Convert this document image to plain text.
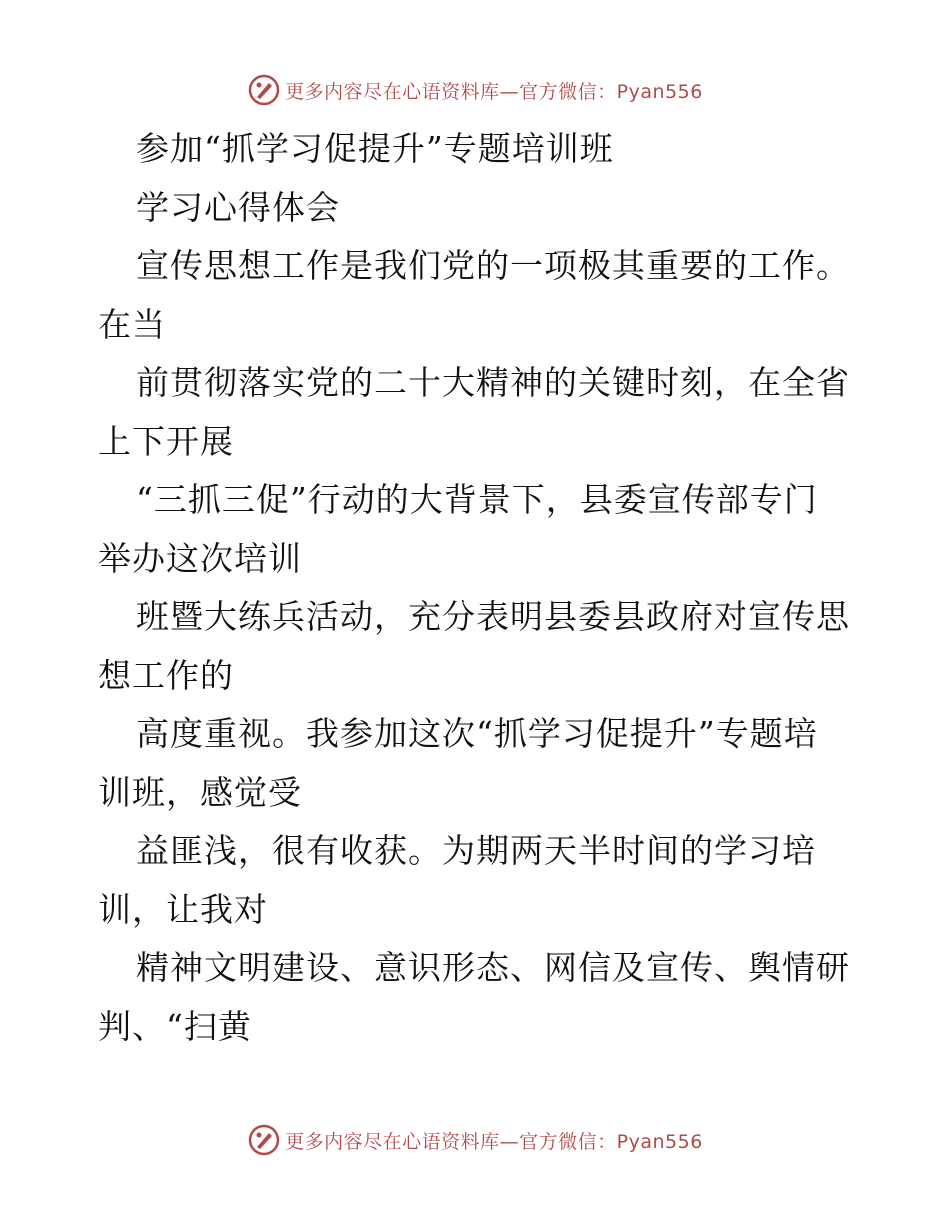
更多内容尽在心语资料库—官方微信：Pyan556
参加“抓学习促提升”专题培训班
学习心得体会
宣传思想工作是我们党的一项极其重要的工作。
在当
前贯彻落实党的二十大精神的关键时刻，在全省
上下开展
“三抓三促”行动的大背景下，县委宣传部专门
举办这次培训
班暨大练兵活动，充分表明县委县政府对宣传思
想工作的
高度重视。我参加这次“抓学习促提升”专题培
训班，感觉受
益匪浅，很有收获。为期两天半时间的学习培
训，让我对
精神文明建设、意识形态、网信及宣传、舆情研
判、“扫黄
更多内容尽在心语资料库—官方微信：Pyan556
